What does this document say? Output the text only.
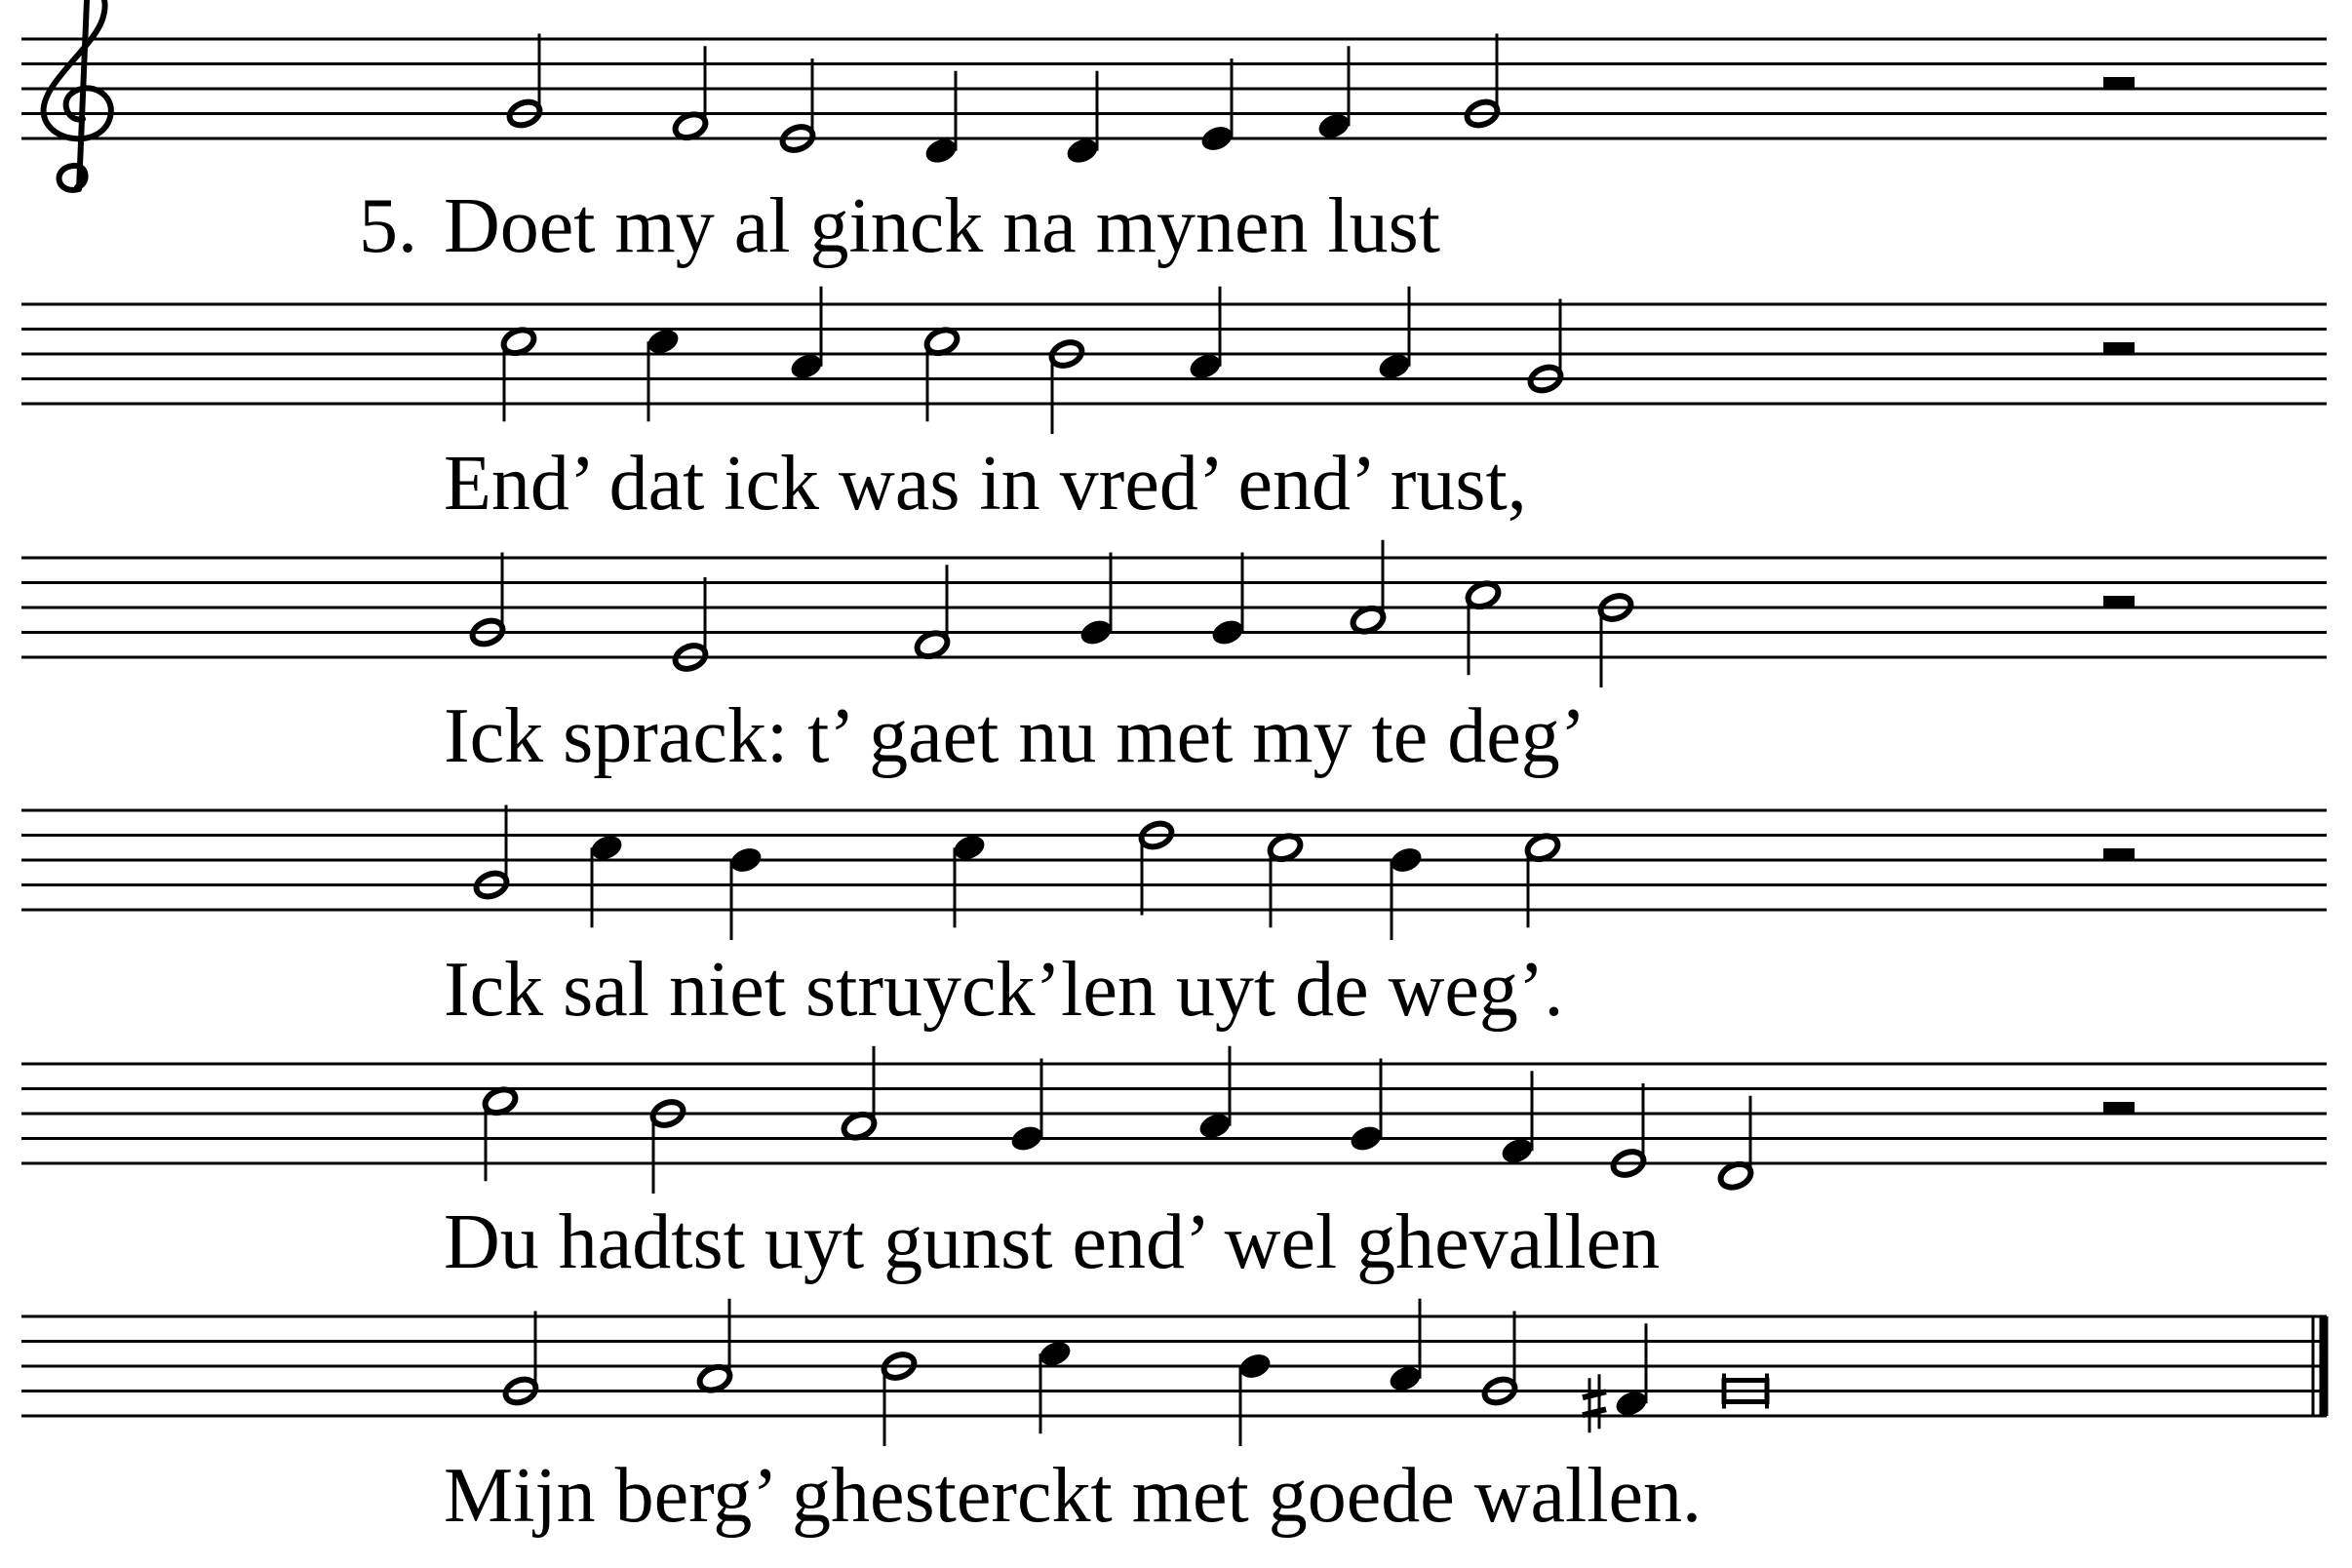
5. Doet my al ginck na mynen lust
End’ dat ick was in vred’ end’ rust,
Ick sprack: t’ gaet nu met my te deg’
Ick sal niet struyck’len uyt de weg’.
Du hadtst uyt gunst end’ wel ghevallen
Mijn berg’ ghesterckt met goede wallen.
